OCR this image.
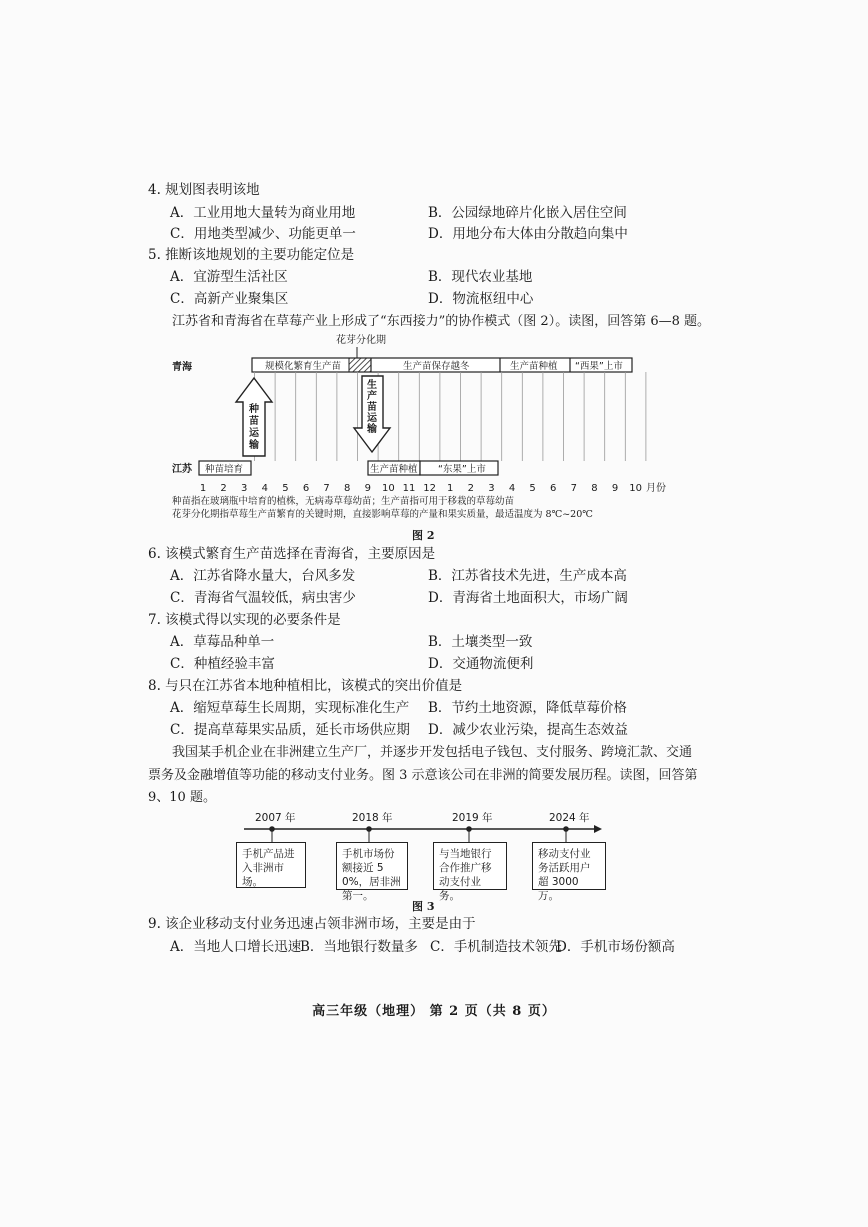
4. 规划图表明该地
A．工业用地大量转为商业用地	B．公园绿地碎片化嵌入居住空间
C．用地类型减少、功能更单一	D．用地分布大体由分散趋向集中
5. 推断该地规划的主要功能定位是
A．宜游型生活社区	B．现代农业基地
C．高新产业聚集区	D．物流枢纽中心
江苏省和青海省在草莓产业上形成了“东西接力”的协作模式（图 2）。读图，回答第 6—8 题。
花芽分化期
青海	规模化繁育生产苗	生产苗保存越冬	生产苗种植 “西果”上市
种苗运输
生产苗运输
江苏 种苗培育	生产苗种植 “东果”上市
1 2 3 4 5 6 7 8 9 10 11 12 1 2 3 4 5 6 7 8 9 10 月份
种苗指在玻璃瓶中培育的植株，无病毒草莓幼苗；生产苗指可用于移栽的草莓幼苗
花芽分化期指草莓生产苗繁育的关键时期，直接影响草莓的产量和果实质量，最适温度为 8℃~20℃
图 2
6. 该模式繁育生产苗选择在青海省，主要原因是
A．江苏省降水量大，台风多发	B．江苏省技术先进，生产成本高
C．青海省气温较低，病虫害少	D．青海省土地面积大，市场广阔
7. 该模式得以实现的必要条件是
A．草莓品种单一	B．土壤类型一致
C．种植经验丰富	D．交通物流便利
8. 与只在江苏省本地种植相比，该模式的突出价值是
A．缩短草莓生长周期，实现标准化生产 B．节约土地资源，降低草莓价格
C．提高草莓果实品质，延长市场供应期 D．减少农业污染，提高生态效益
我国某手机企业在非洲建立生产厂，并逐步开发包括电子钱包、支付服务、跨境汇款、交通
票务及金融增值等功能的移动支付业务。图 3 示意该公司在非洲的简要发展历程。读图，回答第
9、10 题。
2007 年	2018 年	2019 年	2024 年
手机产品进入非洲市场。
手机市场份额接近 50%，居非洲第一。
与当地银行合作推广移动支付业务。
移动支付业务活跃用户超 3000 万。
图 3
9. 该企业移动支付业务迅速占领非洲市场，主要是由于
A．当地人口增长迅速
B．当地银行数量多 C．手机制造技术领先
D．手机市场份额高
高三年级（地理） 第 2 页（共 8 页）
